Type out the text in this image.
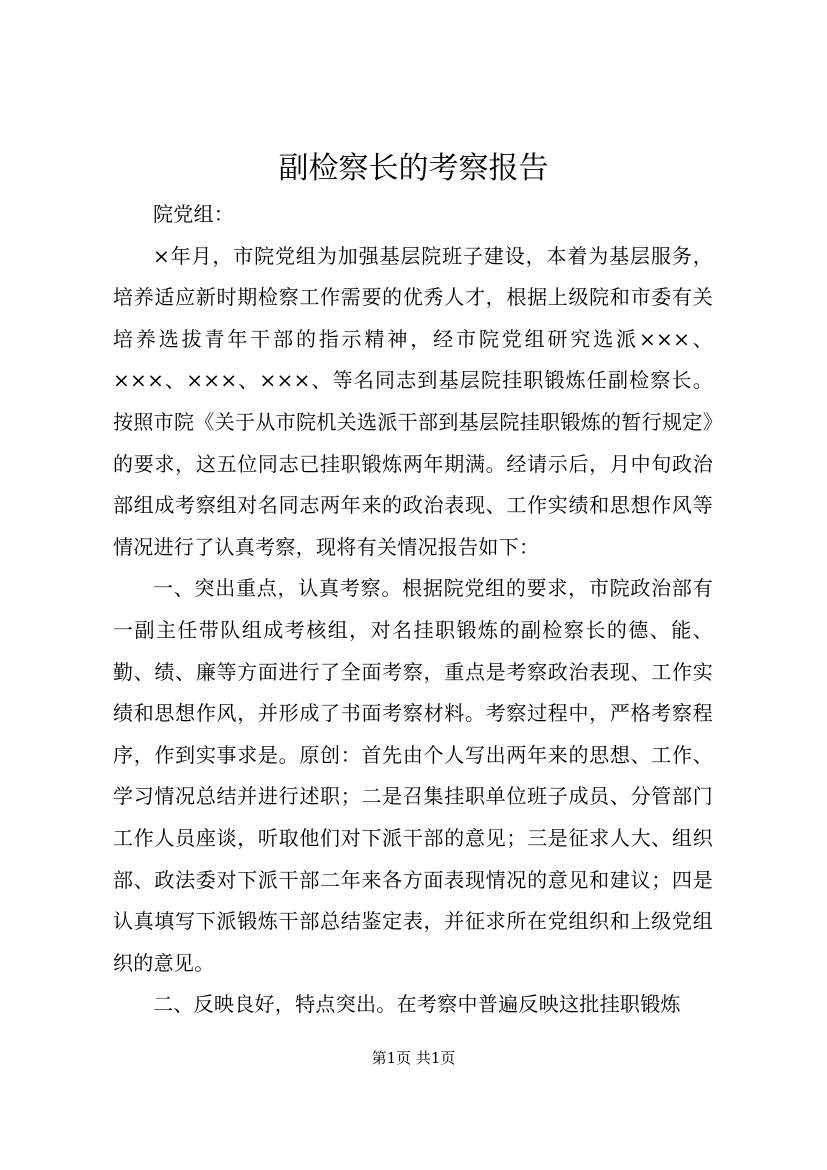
副检察长的考察报告

院党组：

×年月，市院党组为加强基层院班子建设，本着为基层服务，培养适应新时期检察工作需要的优秀人才，根据上级院和市委有关培养选拔青年干部的指示精神，经市院党组研究选派×××、×××、×××、×××、等名同志到基层院挂职锻炼任副检察长。按照市院《关于从市院机关选派干部到基层院挂职锻炼的暂行规定》的要求，这五位同志已挂职锻炼两年期满。经请示后，月中旬政治部组成考察组对名同志两年来的政治表现、工作实绩和思想作风等情况进行了认真考察，现将有关情况报告如下：

一、突出重点，认真考察。根据院党组的要求，市院政治部有一副主任带队组成考核组，对名挂职锻炼的副检察长的德、能、勤、绩、廉等方面进行了全面考察，重点是考察政治表现、工作实绩和思想作风，并形成了书面考察材料。考察过程中，严格考察程序，作到实事求是。原创：首先由个人写出两年来的思想、工作、学习情况总结并进行述职；二是召集挂职单位班子成员、分管部门工作人员座谈，听取他们对下派干部的意见；三是征求人大、组织部、政法委对下派干部二年来各方面表现情况的意见和建议；四是认真填写下派锻炼干部总结鉴定表，并征求所在党组织和上级党组织的意见。

二、反映良好，特点突出。在考察中普遍反映这批挂职锻炼

第1页 共1页
